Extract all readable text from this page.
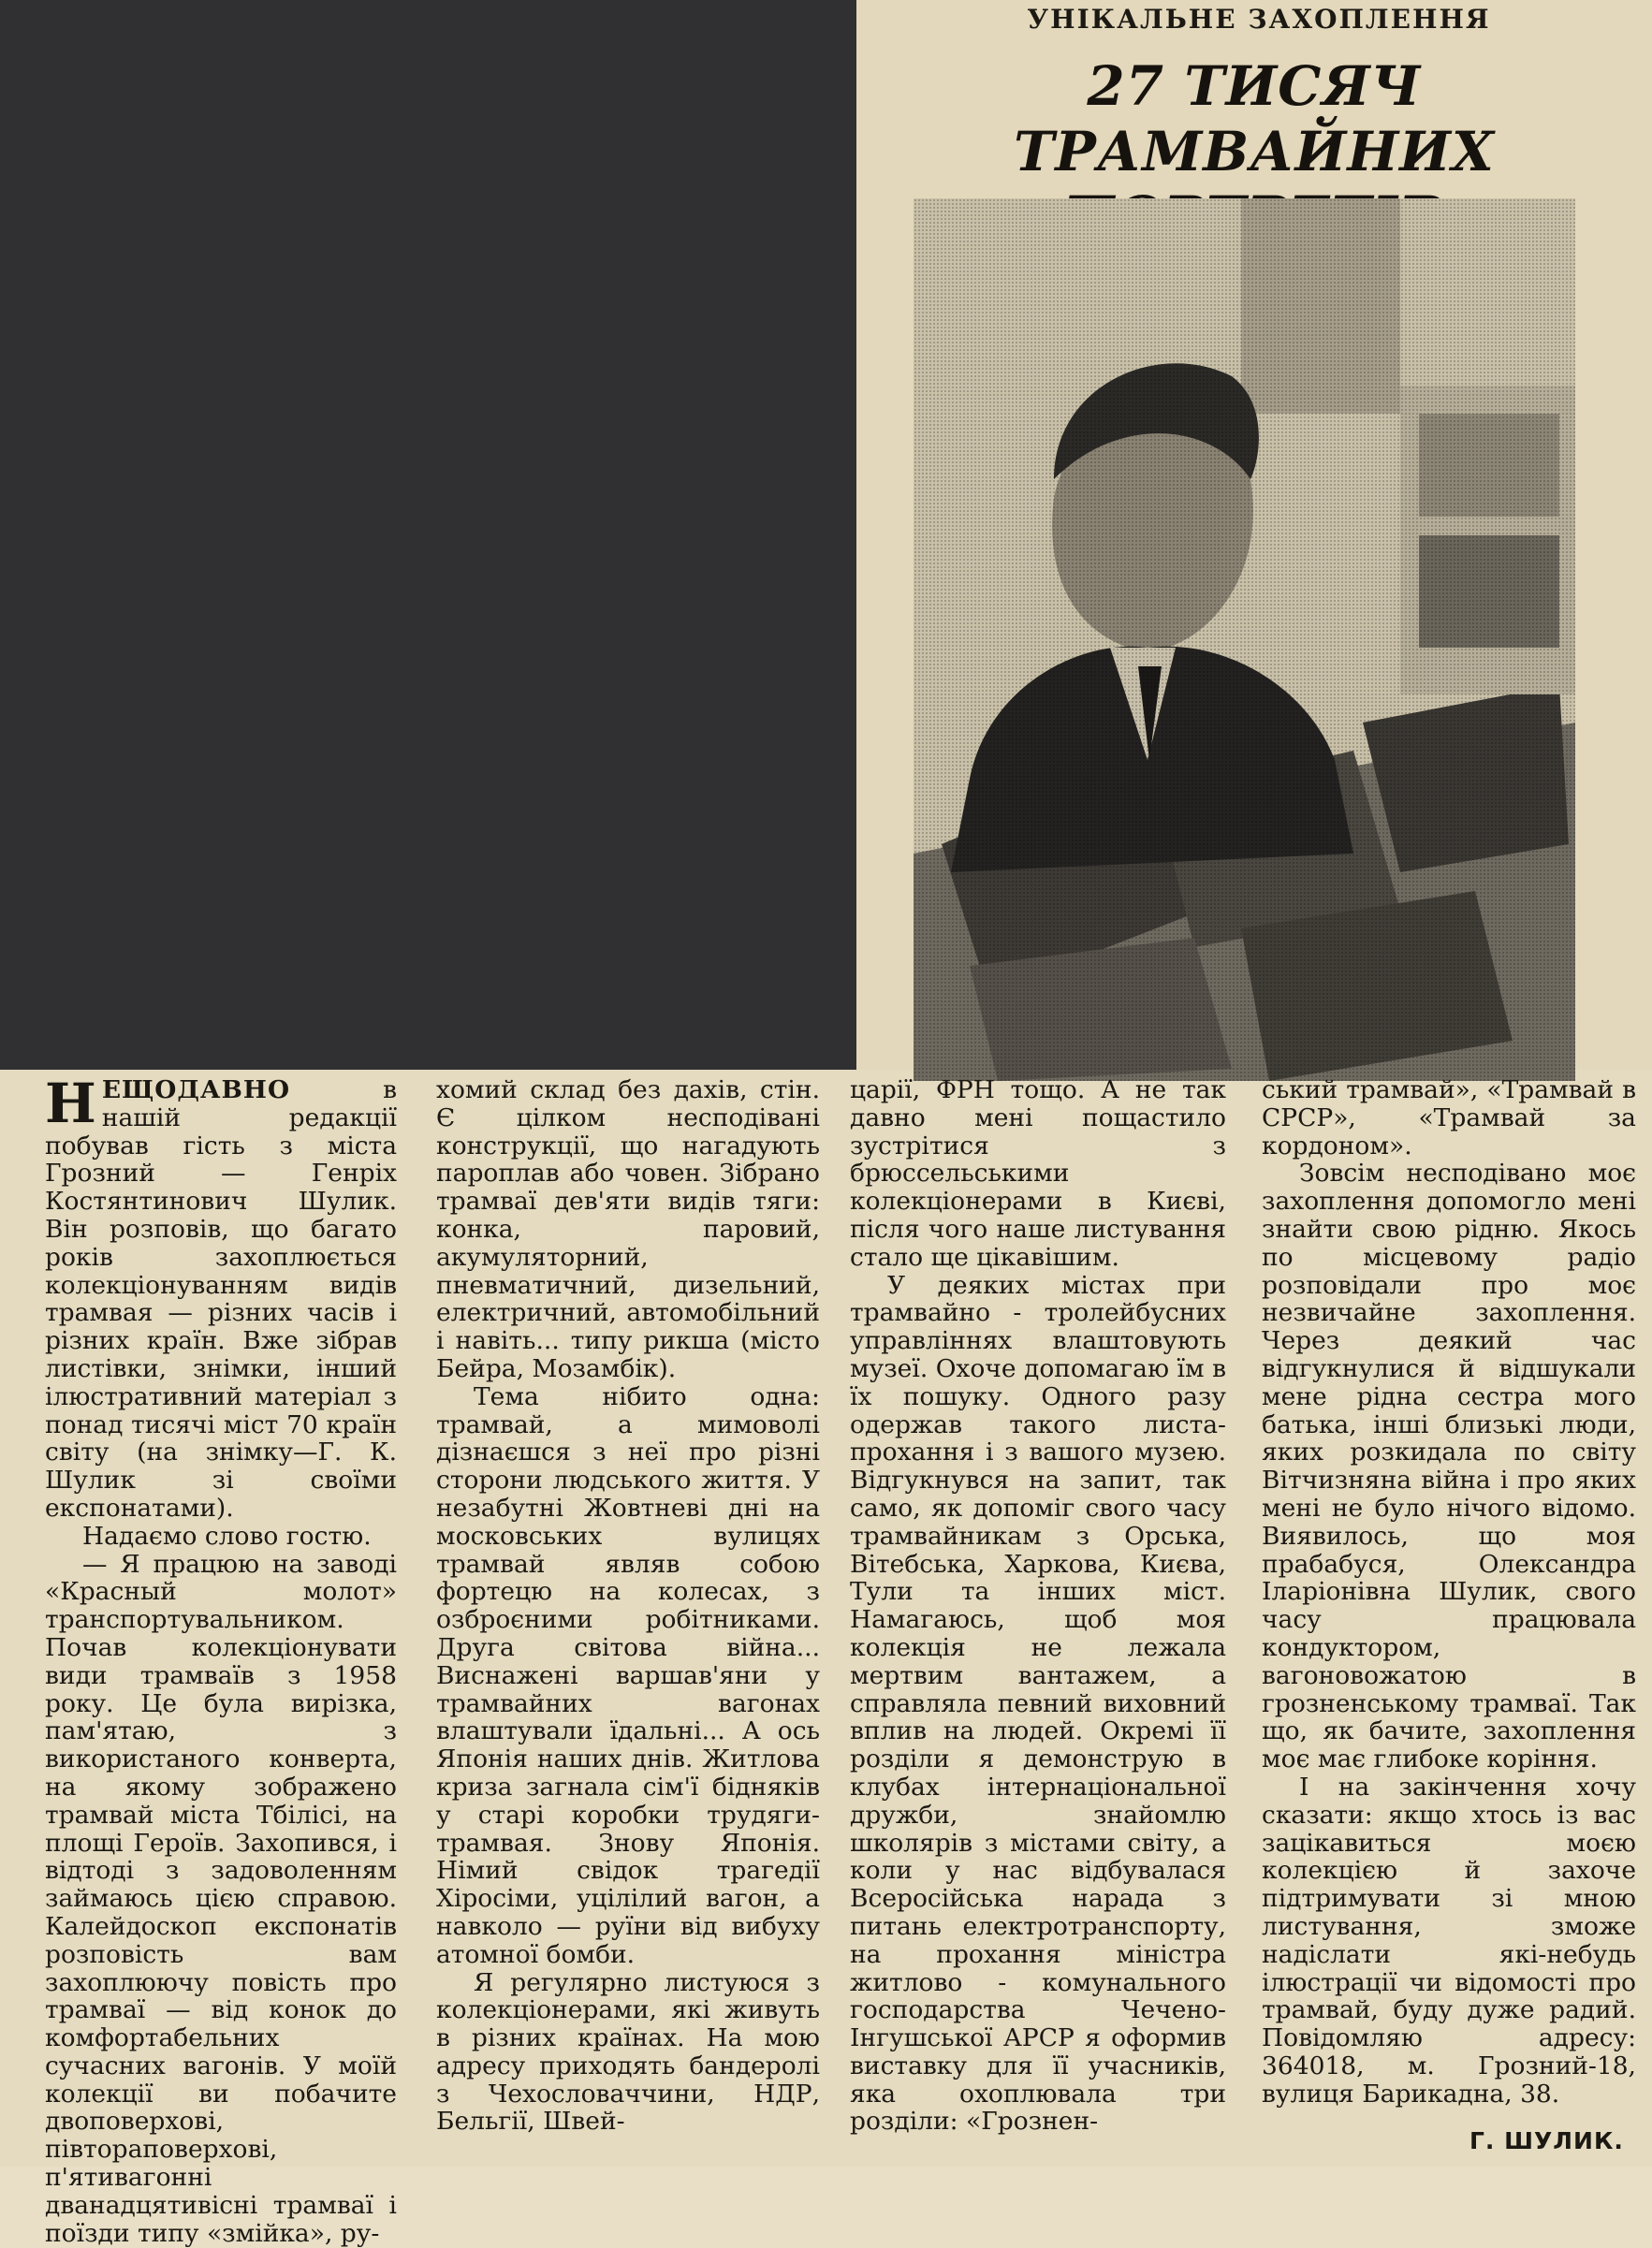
УНІКАЛЬНЕ ЗАХОПЛЕННЯ
27 ТИСЯЧ ТРАМВАЙНИХ

НЕЩОДАВНО в нашій редакції побував гість з міста Грозний — Генріх Костянтинович Шулик. Він розповів, що багато років захоплюється колекціонуванням видів трамвая — різних часів і різних країн. Вже зібрав листівки, знімки, інший ілюстративний матеріал з понад тисячі міст 70 країн світу (на знімку—Г. К. Шулик зі своїми експонатами).

Надаємо слово гостю.

— Я працюю на заводі «Красный молот» транспортувальником. Почав колекціонувати види трамваїв з 1958 року. Це була вирізка, пам'ятаю, з використаного конверта, на якому зображено трамвай міста Тбілісі, на площі Героїв. Захопився, і відтоді з задоволенням займаюсь цією справою. Калейдоскоп експонатів розповість вам захоплюючу повість про трамваї — від конок до комфортабельних сучасних вагонів. У моїй колекції ви побачите двоповерхові, півтораповерхові, п'ятивагонні дванадцятивісні трамваї і поїзди типу «змійка», ру-

хомий склад без дахів, стін. Є цілком несподівані конструкції, що нагадують пароплав або човен. Зібрано трамваї дев'яти видів тяги: конка, паровий, акумуляторний, пневматичний, дизельний, електричний, автомобільний і навіть... типу рикша (місто Бейра, Мозамбік).

Тема нібито одна: трамвай, а мимоволі дізнаєшся з неї про різні сторони людського життя. У незабутні Жовтневі дні на московських вулицях трамвай являв собою фортецю на колесах, з озброєними робітниками. Друга світова війна... Виснажені варшав'яни у трамвайних вагонах влаштували їдальні... А ось Японія наших днів. Житлова криза загнала сім'ї бідняків у старі коробки трудяги-трамвая. Знову Японія. Німий свідок трагедії Хіросіми, уцілілий вагон, а навколо — руїни від вибуху атомної бомби.

Я регулярно листуюся з колекціонерами, які живуть в різних країнах. На мою адресу приходять бандеролі з Чехословаччини, НДР, Бельгії, Швей-

царії, ФРН тощо. А не так давно мені пощастило зустрітися з брюссельськими колекціонерами в Києві, після чого наше листування стало ще цікавішим.

У деяких містах при трамвайно - тролейбусних управліннях влаштовують музеї. Охоче допомагаю їм в їх пошуку. Одного разу одержав такого листа-прохання і з вашого музею. Відгукнувся на запит, так само, як допоміг свого часу трамвайникам з Орська, Вітебська, Харкова, Києва, Тули та інших міст. Намагаюсь, щоб моя колекція не лежала мертвим вантажем, а справляла певний виховний вплив на людей. Окремі її розділи я демонструю в клубах інтернаціональної дружби, знайомлю школярів з містами світу, а коли у нас відбувалася Всеросійська нарада з питань електротранспорту, на прохання міністра житлово - комунального господарства Чечено-Інгушської АРСР я оформив виставку для її учасників, яка охоплювала три розділи: «Грознен-

ський трамвай», «Трамвай в СРСР», «Трамвай за кордоном».

Зовсім несподівано моє захоплення допомогло мені знайти свою рідню. Якось по місцевому радіо розповідали про моє незвичайне захоплення. Через деякий час відгукнулися й відшукали мене рідна сестра мого батька, інші близькі люди, яких розкидала по світу Вітчизняна війна і про яких мені не було нічого відомо. Виявилось, що моя прабабуся, Олександра Іларіонівна Шулик, свого часу працювала кондуктором, вагоновожатою в грозненському трамваї. Так що, як бачите, захоплення моє має глибоке коріння.

І на закінчення хочу сказати: якщо хтось із вас зацікавиться моєю колекцією й захоче підтримувати зі мною листування, зможе надіслати які-небудь ілюстрації чи відомості про трамвай, буду дуже радий. Повідомляю адресу: 364018, м. Грозний-18, вулиця Барикадна, 38.

Г. ШУЛИК.
